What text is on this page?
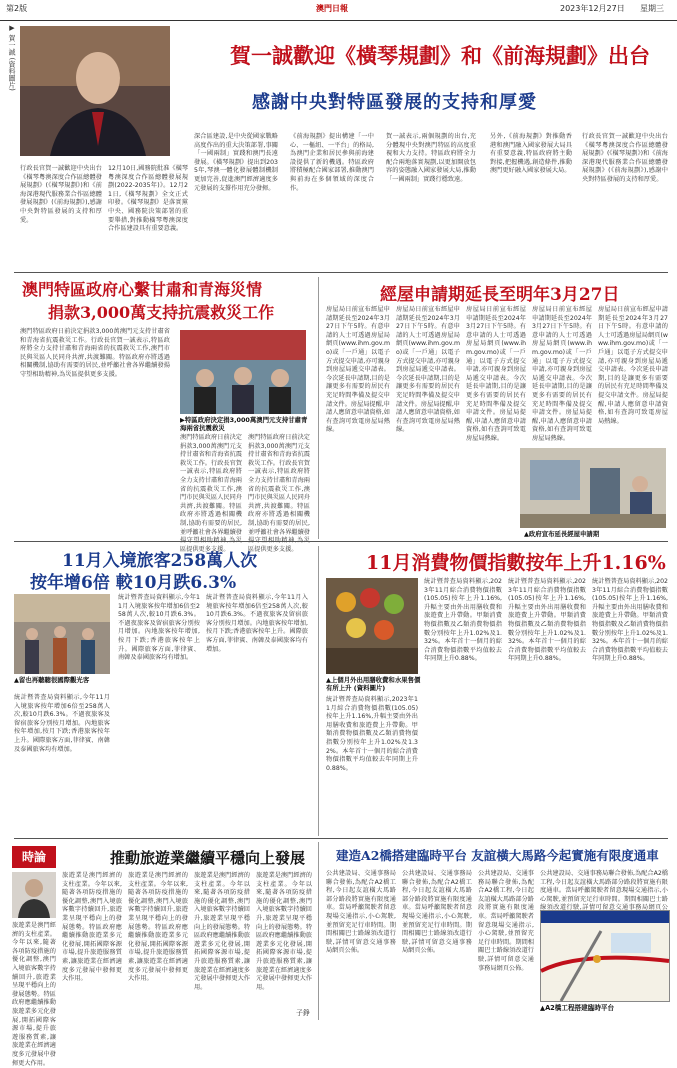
第2版	澳門日報	2023年12月27日 星期三
▶ 賀一誠 (資料圖片)	賀一誠歡迎《橫琴規劃》和《前海規劃》出台
感謝中央對特區發展的支持和厚愛
行政長官賀一誠歡迎中央出台《橫琴粵澳深度合作區總體發展規劃》(《橫琴規劃》)和《前海深港現代服務業合作區總體發展規劃》(《前海規劃》),感謝中央對特區發展的支持和厚愛。
12月10日,國務院批准《橫琴粵澳深度合作區總體發展規劃(2022-2035年)》。12月21日,《橫琴規劃》全文正式印發。《橫琴規劃》是落實黨中央、國務院決策部署的重要舉措,對推動橫琴粵澳深度合作區建設具有重要意義。
深合區建設,是中央從國家戰略高度作出的重大決策部署,事關「一國兩制」實踐和澳門長遠發展。《橫琴規劃》提出到2035年,琴澳一體化發展體制機制更加完善,促進澳門經濟適度多元發展的支撐作用充分發揮。
《前海規劃》提出構建「一中心、一樞紐、一平台」的格局,為澳門企業和居民參與前海建設提供了新的機遇。特區政府將積極配合國家部署,推動澳門與前海在多個領域的深度合作。
賀一誠表示,兩個規劃的出台,充分體現中央對澳門特區的高度重視和大力支持。特區政府將全力配合兩地落實規劃,以更加開放包容的姿態融入國家發展大局,推動「一國兩制」實踐行穩致遠。
另外,《前海規劃》對推動香港和澳門融入國家發展大局具有重要意義,特區政府將主動對接,把握機遇,創造條件,推動澳門更好融入國家發展大局。
行政長官賀一誠歡迎中央出台《橫琴粵澳深度合作區總體發展規劃》(《橫琴規劃》)和《前海深港現代服務業合作區總體發展規劃》(《前海規劃》),感謝中央對特區發展的支持和厚愛。
澳門特區政府心繫甘肅和青海災情
捐款3,000萬支持抗震救災工作
澳門特區政府日前決定捐款3,000萬澳門元支持甘肅省和青海省抗震救災工作。行政長官賀一誠表示,特區政府將全力支持甘肅和青海兩省的抗震救災工作,澳門市民與災區人民同舟共濟,共渡難關。特區政府亦將透過相關機制,協助有需要的居民,並呼籲社會各界繼續發揚守望相助精神,為災區提供更多支援。
▶特區政府決定捐3,000萬澳門元支持甘肅青海兩省抗震救災
澳門特區政府日前決定捐款3,000萬澳門元支持甘肅省和青海省抗震救災工作。行政長官賀一誠表示,特區政府將全力支持甘肅和青海兩省的抗震救災工作,澳門市民與災區人民同舟共濟,共渡難關。特區政府亦將透過相關機制,協助有需要的居民,並呼籲社會各界繼續發 區提供更多支援。
澳門特區政府日前決定捐款3,000萬澳門元支持甘肅省和青海省抗震救災工作。行政長官賀一誠表示,特區政府將全力支持甘肅和青海兩省的抗震救災工作,澳門市民與災區人民同舟共濟,共渡難關。特區政府亦將透過相關機制,協助有需要的居民,並呼籲社會各界繼續發 區提供更多支援。
經屋申請期延長至明年3月27日
房屋局日前宣布經屋申請期延長至2024年3月27日下午5時。有意申請的人士可透過房屋局網頁(www.ihm.gov.mo)或「一戶通」以電子方式提交申請,亦可親身到房屋局遞交申請表。今次延長申請期,目的是讓更多有需要的居民有充足時間準備及提交申請文件。房屋局提醒,申請人應留意申請資格,如有查詢可致電房屋局熱線。
房屋局日前宣布經屋申請期延長至2024年3月27日下午5時。有意申請的人士可透過房屋局網頁(www.ihm.gov.mo)或「一戶通」以電子方式提交申請,亦可親身到房屋局遞交申請表。今次延長申請期,目的是讓更多有需要的居民有充足時間準備及提交申請文件。房屋局提醒,申請人應留意申請資格,如有查詢可致電房屋局熱線。
房屋局日前宣布經屋申請期延長至2024年3月27日下午5時。有意申請的人士可透過房屋局網頁(www.ihm.gov.mo)或「一戶通」以電子方式提交申請,亦可親身到房屋局遞交申請表。今次延長申請期,目的是讓更多有需要的居民有充足時間準備及提交申請文件。房屋局提醒,申請人應留意申請資格,如有查詢可致電房屋局熱線。
房屋局日前宣布經屋申請期延長至2024年3月27日下午5時。有意申請的人士可透過房屋局網頁(www.ihm.gov.mo)或「一戶通」以電子方式提交申請,亦可親身到房屋局遞交申請表。今次延長申請期,目的是讓更多有需要的居民有充足時間準備及提交申請文件。房屋局提醒,申請人應留意申請資格,如有查詢可致電房屋局熱線。
房屋局日前宣布經屋申請期延長至2024年3月27日下午5時。有意申請的人士可透過房屋局網頁(www.ihm.gov.mo)或「一戶通」以電子方式提交申請,亦可親身到房屋局遞交申請表。今次延長申請期,目的是讓更多有需要的居民有充足時間準備及提交申請文件。房屋局提醒,申請人應留意申請資格,如有查詢可致電房屋局熱線。
▲政府宣布延長經屋申請期
11月入境旅客258萬人次
按年增6倍 較10月跌6.3%
▲留也再聽聽很國際觀光客
統計暨普查局資料顯示,今年11月入境旅客按年增加6倍至258萬人次,較10月跌6.3%。不過夜旅客及留宿旅客分別按月增加。內地旅客按年增加,按月下跌;香港旅客按年上升。國際旅客方面,菲律賓、南韓及泰國旅客均有增加。
統計暨普查局資料顯示,今年11月入境旅客按年增加6倍至258萬人次,較10月跌6.3%。不過夜旅客及留宿旅客分別按月增加。內地旅客按年增加,按月下跌;香港旅客按年上升。國際旅客方面,菲律賓、南韓及泰國旅客均有增加。
統計暨普查局資料顯示,今年11月入境旅客按年增加6倍至258萬人次,較10月跌6.3%。不過夜旅客及留宿旅客分別按月增加。內地旅客按年增加,按月下跌;香港旅客按年上升。國際旅客方面,菲律賓、南韓及泰國旅客均有增加。
11月消費物價指數按年上升1.16%
▲上個月外出用膳收費和水果售價有所上升 (資料圖片)
統計暨普查局資料顯示,2023年11月綜合消費物價指數(105.05)按年上升1.16%,升幅主要由外出用膳收費和旅遊費上升帶動。甲類消費物價指數及乙類消費物價指數分別按年上升1.02%及1.32%。本年首十一個月的綜合消費物價指數平均值較去年同期上升0.88%。
統計暨普查局資料顯示,2023年11月綜合消費物價指數(105.05)按年上升1.16%,升幅主要由外出用膳收費和旅遊費上升帶動。甲類消費物價指數及乙類消費物價指數分別按年上升1.02%及1.32%。本年首十一個月的綜合消費物價指數平均值較去年同期上升0.88%。
統計暨普查局資料顯示,2023年11月綜合消費物價指數(105.05)按年上升1.16%,升幅主要由外出用膳收費和旅遊費上升帶動。甲類消費物價指數及乙類消費物價指數分別按年上升1.02%及1.32%。本年首十一個月的綜合消費物價指數平均值較去年同期上升0.88%。
統計暨普查局資料顯示,2023年11月綜合消費物價指數(105.05)按年上升1.16%,升幅主要由外出用膳收費和旅遊費上升帶動。甲類消費物價指數及乙類消費物價指數分別按年上升1.02%及1.32%。本年首十一個月的綜合消費物價指數平均值較去年同期上升0.88%。
時論	推動旅遊業繼續平穩向上發展
旅遊業是澳門經濟的支柱產業。今年以來,隨著各項防疫措施的優化調整,澳門入境旅客數字持續回升,旅遊業呈現平穩向上的發展態勢。特區政府應繼續推動旅遊業多元化發展,開拓國際客源市場,提升旅遊服務質素,讓旅遊業在經濟適度多元發展中發揮更大作用。
旅遊業是澳門經濟的支柱產業。今年以來,隨著各項防疫措施的優化調整,澳門入境旅客數字持續回升,旅遊業呈現平穩向上的發展態勢。特區政府應繼續推動旅遊業多元化發展,開拓國際客源市場,提升旅遊服務質素,讓旅遊業在經濟適度多元發展中發揮更大作用。
旅遊業是澳門經濟的支柱產業。今年以來,隨著各項防疫措施的優化調整,澳門入境旅客數字持續回升,旅遊業呈現平穩向上的發展態勢。特區政府應繼續推動旅遊業多元化發展,開拓國際客源市場,提升旅遊服務質素,讓旅遊業在經濟適度多元發展中發揮更大作用。
旅遊業是澳門經濟的支柱產業。今年以來,隨著各項防疫措施的優化調整,澳門入境旅客數字持續回升,旅遊業呈現平穩向上的發展態勢。特區政府應繼續推動旅遊業多元化發展,開拓國際客源市場,提升旅遊服務質素,讓旅遊業在經濟適度多元發展中發揮更大作用。
旅遊業是澳門經濟的支柱產業。今年以來,隨著各項防疫措施的優化調整,澳門入境旅客數字持續回升,旅遊業呈現平穩向上的發展態勢。特區政府應繼續推動旅遊業多元化發展,開拓國際客源市場,提升旅遊服務質素,讓旅遊業在經濟適度多元發展中發揮更大作用。
子錚
建造A2橋搭建臨時平台 友誼橫大馬路今起實施有限度通車
公共建設局、交通事務局聯合發佈,為配合A2橋工程,今日起友誼橫大馬路部分路段將實施有限度通車。當局呼籲駕駛者留意現場交通指示,小心駕駛,並預留充足行車時間。期間相關巴士路線須改道行駛,詳情可留意交通事務局網頁公佈。
公共建設局、交通事務局聯合發佈,為配合A2橋工程,今日起友誼橫大馬路部分路段將實施有限度通車。當局呼籲駕駛者留意現場交通指示,小心駕駛,並預留充足行車時間。期間相關巴士路線須改道行駛,詳情可留意交通事務局網頁公佈。
公共建設局、交通事務局聯合發佈,為配合A2橋工程,今日起友誼橫大馬路部分路段將實施有限度通車。當局呼籲駕駛者留意現場交通指示,小心駕駛,並預留充足行車時間。期間相關巴士路線須改道行駛,詳情可留意交通事務局網頁公佈。
公共建設局、交通事務局聯合發佈,為配合A2橋工程,今日起友誼橫大馬路部分路段將實施有限度通車。當局呼籲駕駛者留意現場交通指示,小心駕駛,並預留充足行車時間。期間相關巴士路線須改道行駛,詳情可留意交通事務局網頁公
▲A2橋工程搭建臨時平台
